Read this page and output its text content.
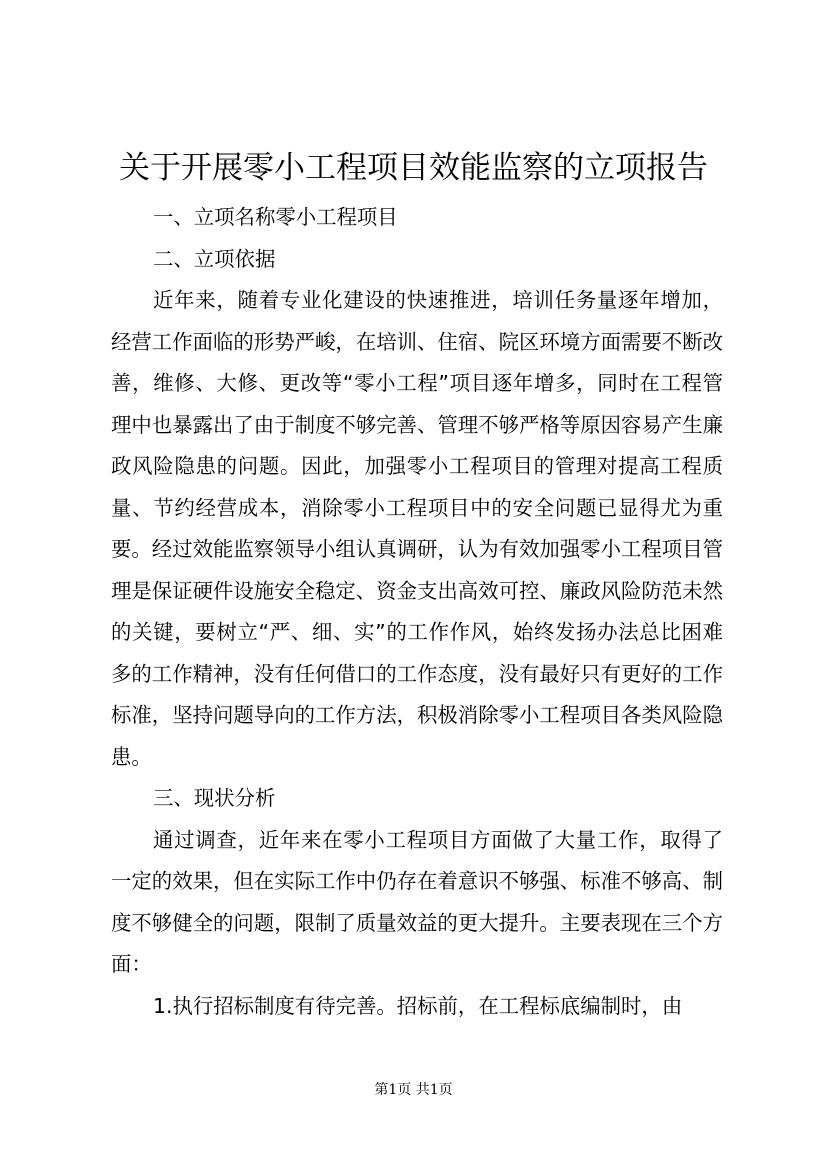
关于开展零小工程项目效能监察的立项报告

一、立项名称零小工程项目

二、立项依据

近年来，随着专业化建设的快速推进，培训任务量逐年增加，经营工作面临的形势严峻，在培训、住宿、院区环境方面需要不断改善，维修、大修、更改等“零小工程”项目逐年增多，同时在工程管理中也暴露出了由于制度不够完善、管理不够严格等原因容易产生廉政风险隐患的问题。因此，加强零小工程项目的管理对提高工程质量、节约经营成本，消除零小工程项目中的安全问题已显得尤为重要。经过效能监察领导小组认真调研，认为有效加强零小工程项目管理是保证硬件设施安全稳定、资金支出高效可控、廉政风险防范未然的关键，要树立“严、细、实”的工作作风，始终发扬办法总比困难多的工作精神，没有任何借口的工作态度，没有最好只有更好的工作标准，坚持问题导向的工作方法，积极消除零小工程项目各类风险隐患。

三、现状分析

通过调查，近年来在零小工程项目方面做了大量工作，取得了一定的效果，但在实际工作中仍存在着意识不够强、标准不够高、制度不够健全的问题，限制了质量效益的更大提升。主要表现在三个方面：

1.执行招标制度有待完善。招标前，在工程标底编制时，由

第1页 共1页
